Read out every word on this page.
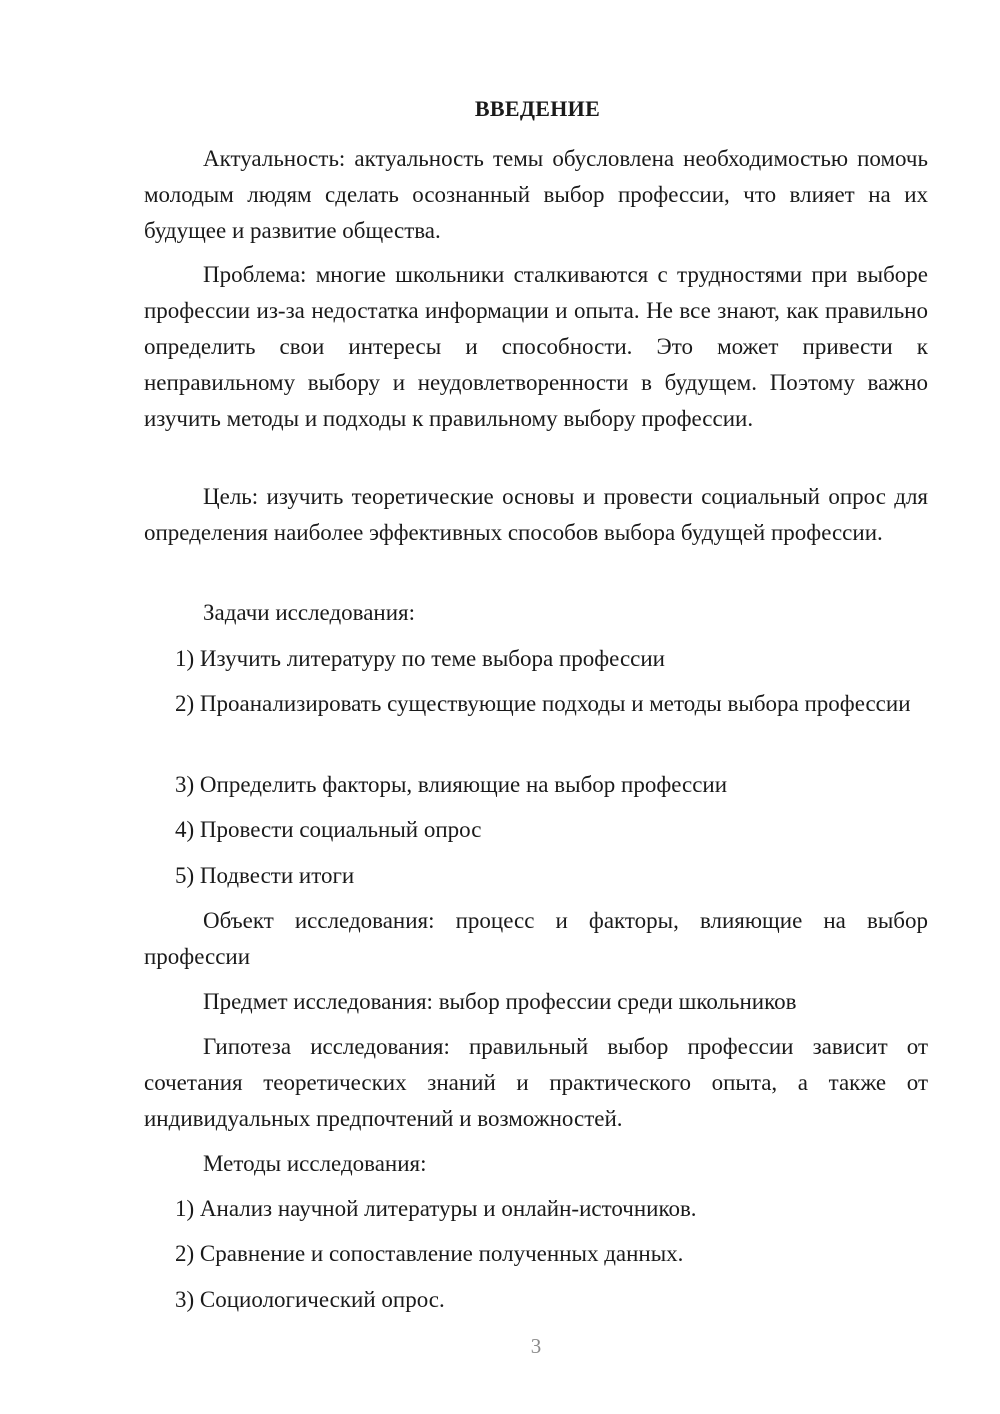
ВВЕДЕНИЕ

Актуальность: актуальность темы обусловлена необходимостью помочь молодым людям сделать осознанный выбор профессии, что влияет на их будущее и развитие общества.

Проблема: многие школьники сталкиваются с трудностями при выборе профессии из-за недостатка информации и опыта. Не все знают, как правильно определить свои интересы и способности. Это может привести к неправильному выбору и неудовлетворенности в будущем. Поэтому важно изучить методы и подходы к правильному выбору профессии.

Цель: изучить теоретические основы и провести социальный опрос для определения наиболее эффективных способов выбора будущей профессии.

Задачи исследования:

1) Изучить литературу по теме выбора профессии

2) Проанализировать существующие подходы и методы выбора профессии

3) Определить факторы, влияющие на выбор профессии

4) Провести социальный опрос

5) Подвести итоги

Объект исследования: процесс и факторы, влияющие на выбор профессии

Предмет исследования: выбор профессии среди школьников

Гипотеза исследования: правильный выбор профессии зависит от сочетания теоретических знаний и практического опыта, а также от индивидуальных предпочтений и возможностей.

Методы исследования:

1) Анализ научной литературы и онлайн-источников.

2) Сравнение и сопоставление полученных данных.

3) Социологический опрос.

3
